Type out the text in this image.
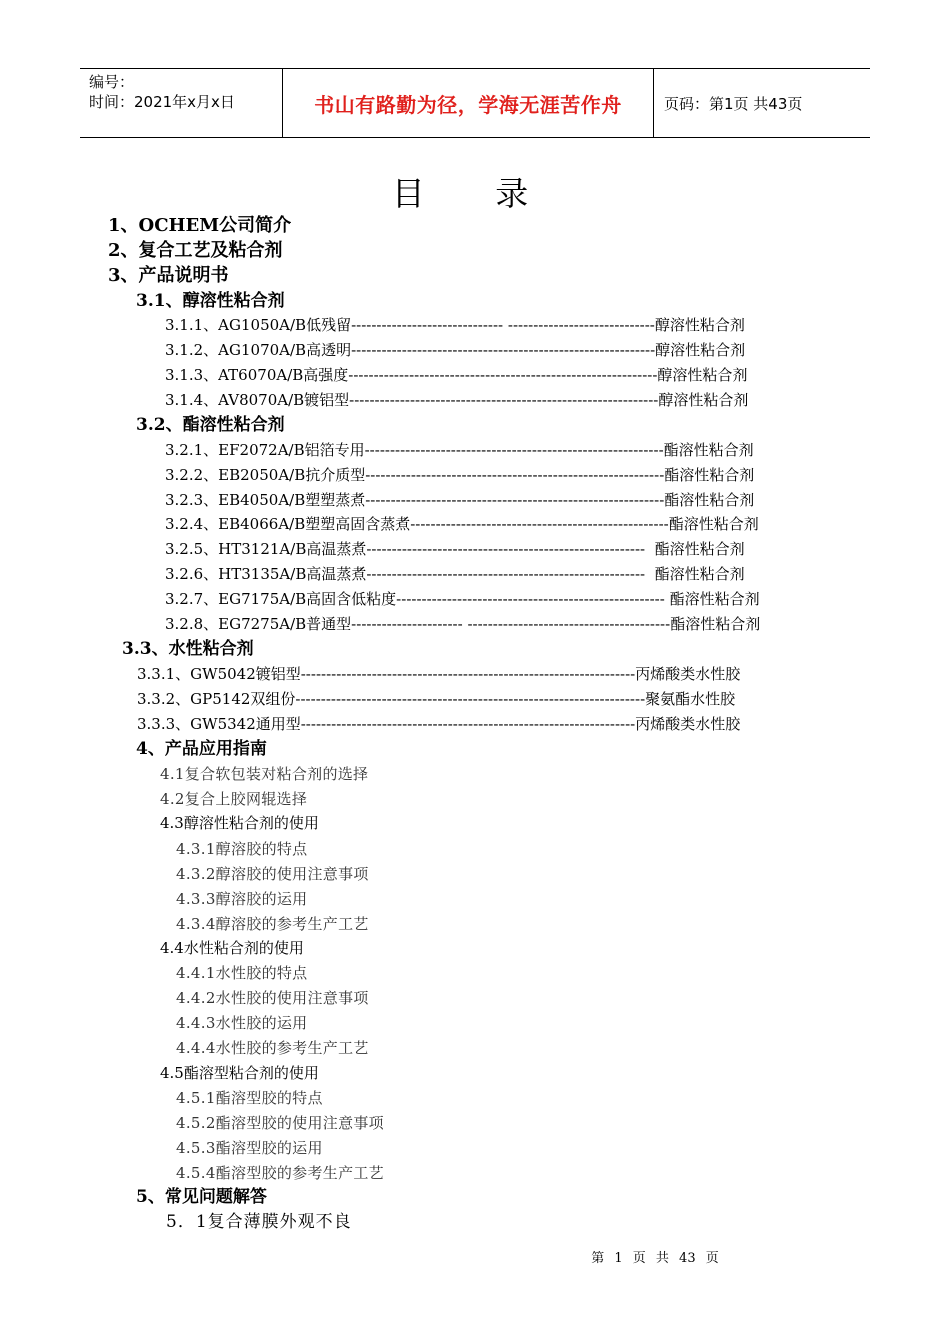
编号：
时间：2021年x月x日	书山有路勤为径，学海无涯苦作舟	页码：第1页 共43页
目 录
1、OCHEM公司简介
2、复合工艺及粘合剂
3、产品说明书
3.1、醇溶性粘合剂
3.1.1、AG1050A/B低残留------------------------------ -----------------------------醇溶性粘合剂
3.1.2、AG1070A/B高透明------------------------------------------------------------醇溶性粘合剂
3.1.3、AT6070A/B高强度-------------------------------------------------------------醇溶性粘合剂
3.1.4、AV8070A/B镀铝型-------------------------------------------------------------醇溶性粘合剂
3.2、酯溶性粘合剂
3.2.1、EF2072A/B铝箔专用-----------------------------------------------------------酯溶性粘合剂
3.2.2、EB2050A/B抗介质型-----------------------------------------------------------酯溶性粘合剂
3.2.3、EB4050A/B塑塑蒸煮-----------------------------------------------------------酯溶性粘合剂
3.2.4、EB4066A/B塑塑高固含蒸煮---------------------------------------------------酯溶性粘合剂
3.2.5、HT3121A/B高温蒸煮-------------------------------------------------------  酯溶性粘合剂
3.2.6、HT3135A/B高温蒸煮-------------------------------------------------------  酯溶性粘合剂
3.2.7、EG7175A/B高固含低粘度----------------------------------------------------- 酯溶性粘合剂
3.2.8、EG7275A/B普通型---------------------- ----------------------------------------酯溶性粘合剂
3.3、水性粘合剂
3.3.1、GW5042镀铝型------------------------------------------------------------------丙烯酸类水性胶
3.3.2、GP5142双组份---------------------------------------------------------------------聚氨酯水性胶
3.3.3、GW5342通用型------------------------------------------------------------------丙烯酸类水性胶
4、产品应用指南
4.1复合软包装对粘合剂的选择
4.2复合上胶网辊选择
4.3醇溶性粘合剂的使用
4.3.1醇溶胶的特点
4.3.2醇溶胶的使用注意事项
4.3.3醇溶胶的运用
4.3.4醇溶胶的参考生产工艺
4.4水性粘合剂的使用
4.4.1水性胶的特点
4.4.2水性胶的使用注意事项
4.4.3水性胶的运用
4.4.4水性胶的参考生产工艺
4.5酯溶型粘合剂的使用
4.5.1酯溶型胶的特点
4.5.2酯溶型胶的使用注意事项
4.5.3酯溶型胶的运用
4.5.4酯溶型胶的参考生产工艺
5、常见问题解答
5．1复合薄膜外观不良
第 1 页 共 43 页
